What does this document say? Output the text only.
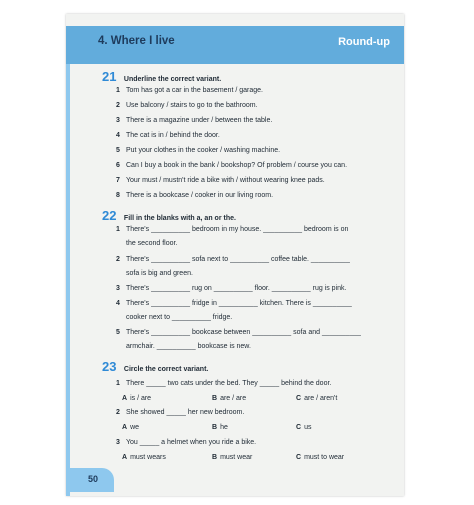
4. Where I live	Round-up
21 Underline the correct variant.
1 Tom has got a car in the basement / garage.
2 Use balcony / stairs to go to the bathroom.
3 There is a magazine under / between the table.
4 The cat is in / behind the door.
5 Put your clothes in the cooker / washing machine.
6 Can I buy a book in the bank / bookshop? Of problem / course you can.
7 Your must / mustn't ride a bike with / without wearing knee pads.
8 There is a bookcase / cooker in our living room.
22 Fill in the blanks with a, an or the.
1 There's __________ bedroom in my house. __________ bedroom is on
the second floor.
2 There's __________ sofa next to __________ coffee table. __________
sofa is big and green.
3 There's __________ rug on __________ floor. __________ rug is pink.
4 There's __________ fridge in __________ kitchen. There is __________
cooker next to __________ fridge.
5 There's __________ bookcase between __________ sofa and __________
armchair. __________ bookcase is new.
23 Circle the correct variant.
1 There _____ two cats under the bed. They _____ behind the door.
A is / are	B are / are	C are / aren't
2 She showed _____ her new bedroom.
A we	B he	C us
3 You _____ a helmet when you ride a bike.
A must wears	B must wear	C must to wear
50
